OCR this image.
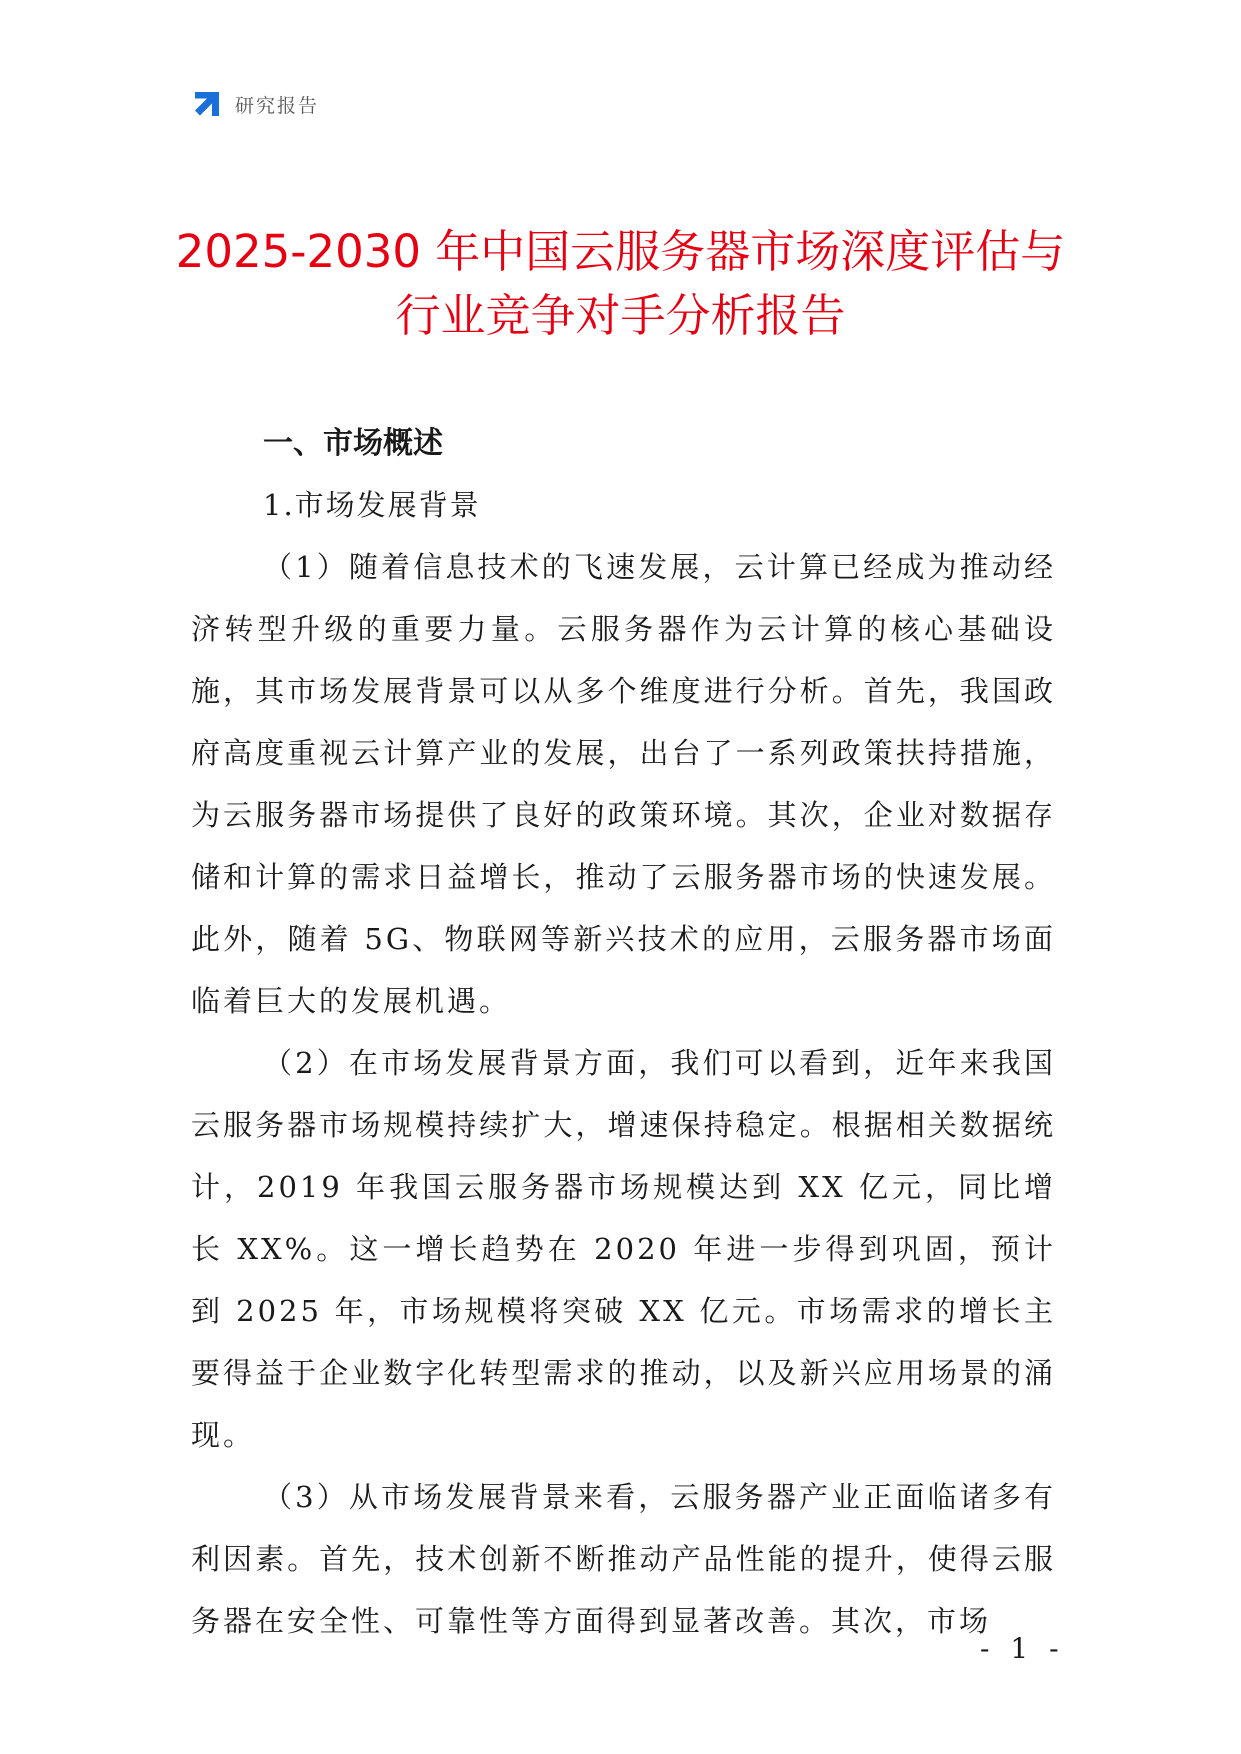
研究报告
2025-2030 年中国云服务器市场深度评估与
行业竞争对手分析报告

一、市场概述

1.市场发展背景

（1）随着信息技术的飞速发展，云计算已经成为推动经济转型升级的重要力量。云服务器作为云计算的核心基础设施，其市场发展背景可以从多个维度进行分析。首先，我国政府高度重视云计算产业的发展，出台了一系列政策扶持措施，为云服务器市场提供了良好的政策环境。其次，企业对数据存储和计算的需求日益增长，推动了云服务器市场的快速发展。此外，随着 5G、物联网等新兴技术的应用，云服务器市场面临着巨大的发展机遇。

（2）在市场发展背景方面，我们可以看到，近年来我国云服务器市场规模持续扩大，增速保持稳定。根据相关数据统计，2019 年我国云服务器市场规模达到 XX 亿元，同比增长 XX%。这一增长趋势在 2020 年进一步得到巩固，预计到 2025 年，市场规模将突破 XX 亿元。市场需求的增长主要得益于企业数字化转型需求的推动，以及新兴应用场景的涌现。

（3）从市场发展背景来看，云服务器产业正面临诸多有利因素。首先，技术创新不断推动产品性能的提升，使得云服务器在安全性、可靠性等方面得到显著改善。其次，市场

- 1 -
